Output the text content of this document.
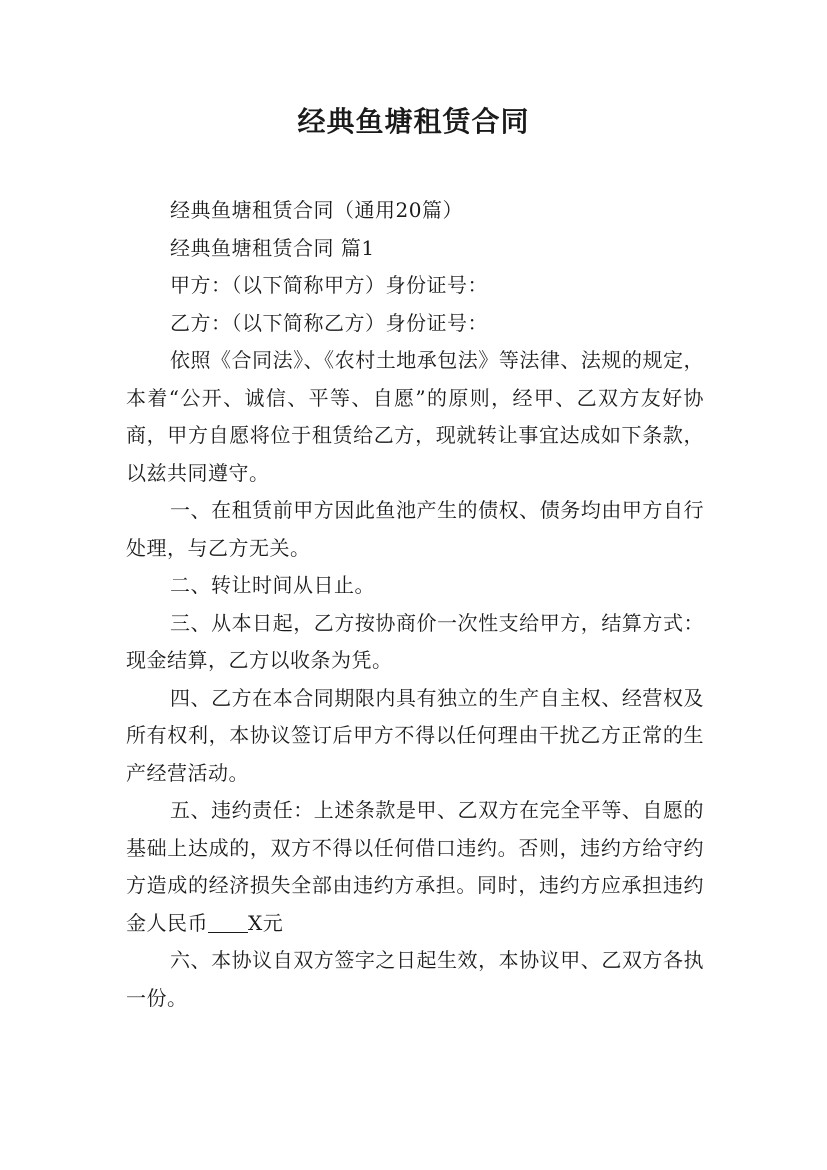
经典鱼塘租赁合同

经典鱼塘租赁合同（通用20篇）

经典鱼塘租赁合同 篇1

甲方：（以下简称甲方）身份证号：

乙方：（以下简称乙方）身份证号：

依照《合同法》、《农村土地承包法》等法律、法规的规定，本着“公开、诚信、平等、自愿”的原则，经甲、乙双方友好协商，甲方自愿将位于租赁给乙方，现就转让事宜达成如下条款，以兹共同遵守。

一、在租赁前甲方因此鱼池产生的债权、债务均由甲方自行处理，与乙方无关。

二、转让时间从日止。

三、从本日起，乙方按协商价一次性支给甲方，结算方式：现金结算，乙方以收条为凭。

四、乙方在本合同期限内具有独立的生产自主权、经营权及所有权利，本协议签订后甲方不得以任何理由干扰乙方正常的生产经营活动。

五、违约责任：上述条款是甲、乙双方在完全平等、自愿的基础上达成的，双方不得以任何借口违约。否则，违约方给守约方造成的经济损失全部由违约方承担。同时，违约方应承担违约金人民币 X元

六、本协议自双方签字之日起生效，本协议甲、乙双方各执一份。
